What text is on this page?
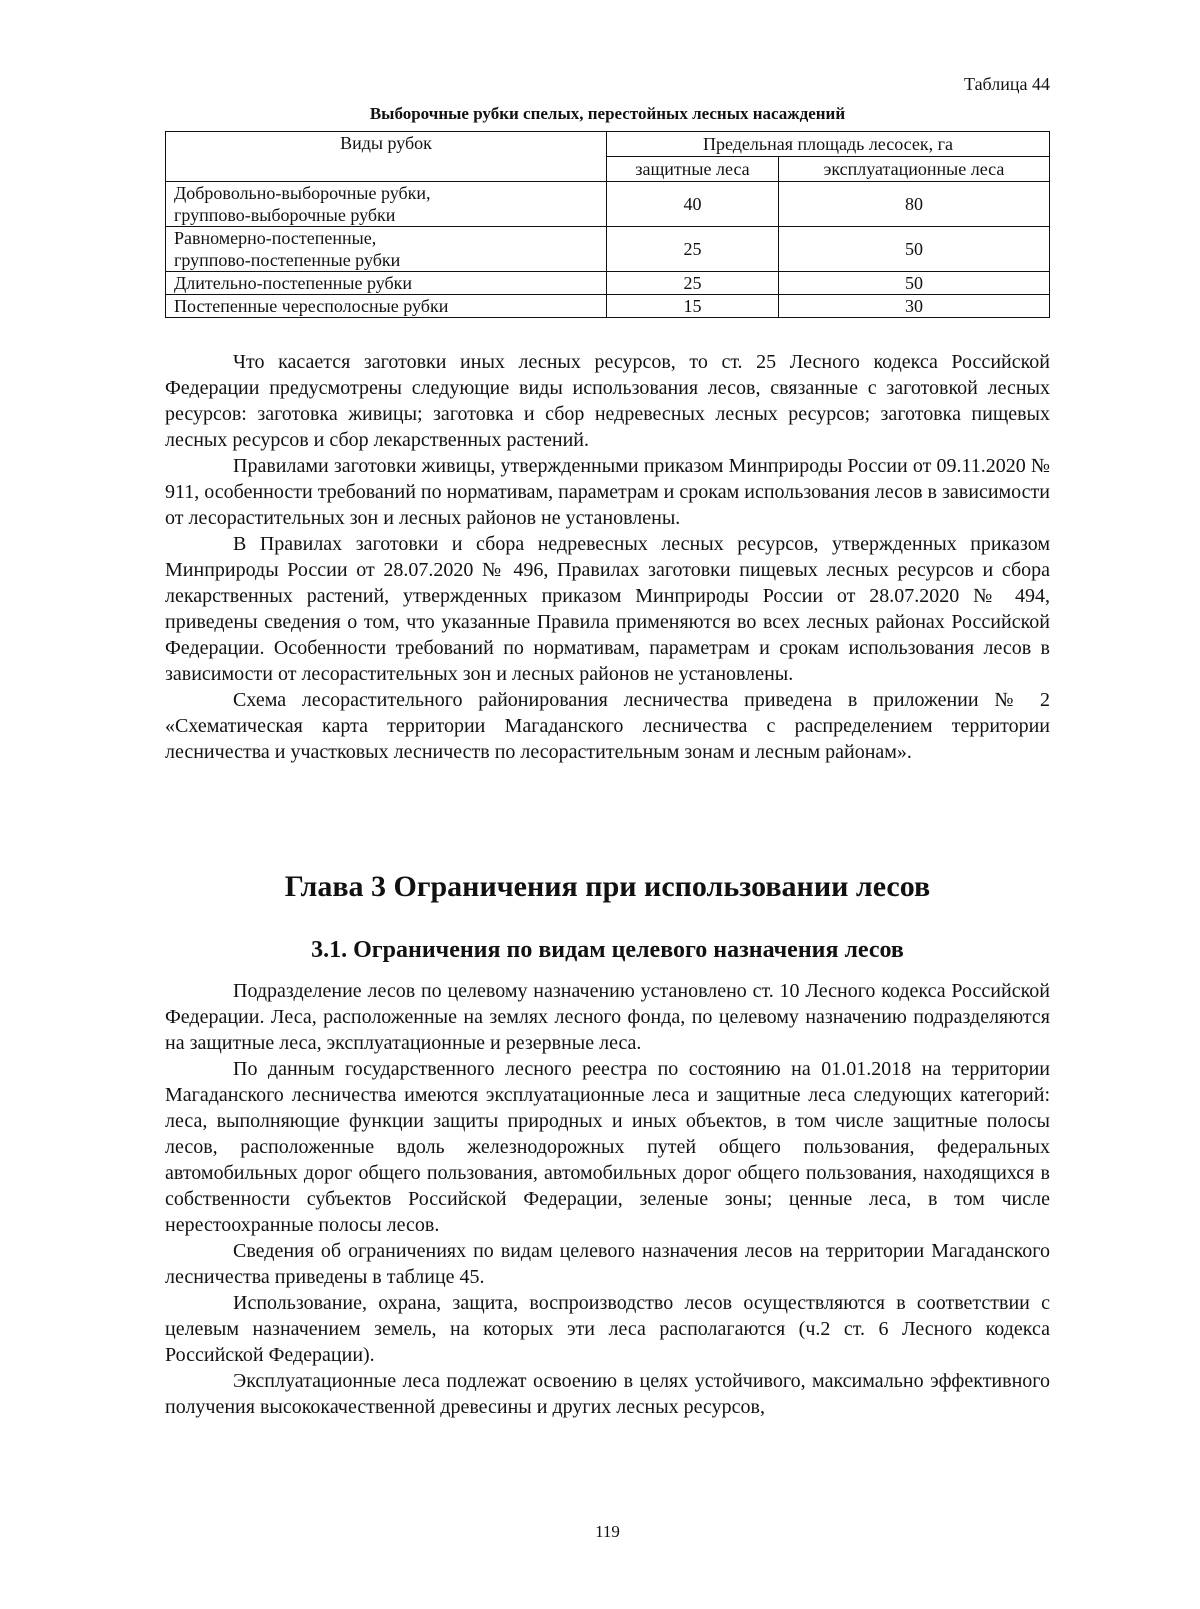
Таблица 44
Выборочные рубки спелых, перестойных лесных насаждений
Виды рубок	Предельная площадь лесосек, га	
	защитные леса	эксплуатационные леса

Добровольно-выборочные рубки,
группово-выборочные рубки	40	80

Равномерно-постепенные,
группово-постепенные рубки	25	50
Длительно-постепенные рубки	25	50
Постепенные чересполосные рубки	15	30

Что касается заготовки иных лесных ресурсов, то ст. 25 Лесного кодекса Российской Федерации предусмотрены следующие виды использования лесов, связанные с заготовкой лесных ресурсов: заготовка живицы; заготовка и сбор недревесных лесных ресурсов; заготовка пищевых лесных ресурсов и сбор лекарственных растений.

Правилами заготовки живицы, утвержденными приказом Минприроды России от 09.11.2020 № 911, особенности требований по нормативам, параметрам и срокам использования лесов в зависимости от лесорастительных зон и лесных районов не установлены.

В Правилах заготовки и сбора недревесных лесных ресурсов, утвержденных приказом Минприроды России от 28.07.2020 № 496, Правилах заготовки пищевых лесных ресурсов и сбора лекарственных растений, утвержденных приказом Минприроды России от 28.07.2020 № 494, приведены сведения о том, что указанные Правила применяются во всех лесных районах Российской Федерации. Особенности требований по нормативам, параметрам и срокам использования лесов в зависимости от лесорастительных зон и лесных районов не установлены.

Схема лесорастительного районирования лесничества приведена в приложении № 2 «Схематическая карта территории Магаданского лесничества с распределением территории лесничества и участковых лесничеств по лесорастительным зонам и лесным районам».

Глава 3 Ограничения при использовании лесов
3.1. Ограничения по видам целевого назначения лесов

Подразделение лесов по целевому назначению установлено ст. 10 Лесного кодекса Российской Федерации. Леса, расположенные на землях лесного фонда, по целевому назначению подразделяются на защитные леса, эксплуатационные и резервные леса.

По данным государственного лесного реестра по состоянию на 01.01.2018 на территории Магаданского лесничества имеются эксплуатационные леса и защитные леса следующих категорий: леса, выполняющие функции защиты природных и иных объектов, в том числе защитные полосы лесов, расположенные вдоль железнодорожных путей общего пользования, федеральных автомобильных дорог общего пользования, автомобильных дорог общего пользования, находящихся в собственности субъектов Российской Федерации, зеленые зоны; ценные леса, в том числе нерестоохранные полосы лесов.

Сведения об ограничениях по видам целевого назначения лесов на территории Магаданского лесничества приведены в таблице 45.

Использование, охрана, защита, воспроизводство лесов осуществляются в соответствии с целевым назначением земель, на которых эти леса располагаются (ч.2 ст. 6 Лесного кодекса Российской Федерации).

Эксплуатационные леса подлежат освоению в целях устойчивого, максимально эффективного получения высококачественной древесины и других лесных ресурсов,

119
